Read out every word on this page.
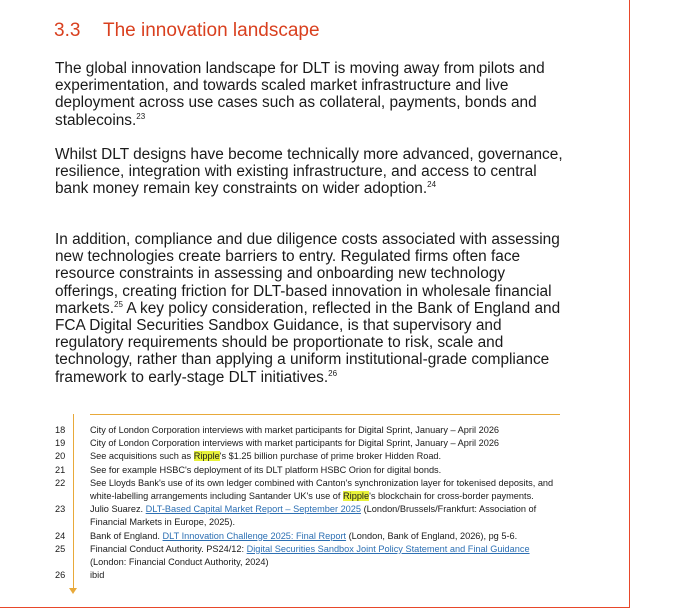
3.3 The innovation landscape
The global innovation landscape for DLT is moving away from pilots and experimentation, and towards scaled market infrastructure and live deployment across use cases such as collateral, payments, bonds and stablecoins.$^{23}$
Whilst DLT designs have become technically more advanced, governance, resilience, integration with existing infrastructure, and access to central bank money remain key constraints on wider adoption.$^{24}$
In addition, compliance and due diligence costs associated with assessing new technologies create barriers to entry. Regulated firms often face resource constraints in assessing and onboarding new technology offerings, creating friction for DLT-based innovation in wholesale financial markets.$^{25}$ A key policy consideration, reflected in the Bank of England and FCA Digital Securities Sandbox Guidance, is that supervisory and regulatory requirements should be proportionate to risk, scale and technology, rather than applying a uniform institutional-grade compliance framework to early-stage DLT initiatives.$^{26}$
18	City of London Corporation interviews with market participants for Digital Sprint, January – April 2026
19	City of London Corporation interviews with market participants for Digital Sprint, January – April 2026
20	See acquisitions such as Ripple's $1.25 billion purchase of prime broker Hidden Road.
21	See for example HSBC's deployment of its DLT platform HSBC Orion for digital bonds.
22	See Lloyds Bank's use of its own ledger combined with Canton's synchronization layer for tokenised deposits, and white-labelling arrangements including Santander UK's use of Ripple's blockchain for cross-border payments.
23	Julio Suarez. DLT-Based Capital Market Report – September 2025 (London/Brussels/Frankfurt: Association of Financial Markets in Europe, 2025).
24	Bank of England. DLT Innovation Challenge 2025: Final Report (London, Bank of England, 2026), pg 5-6.
25	Financial Conduct Authority. PS24/12: Digital Securities Sandbox Joint Policy Statement and Final Guidance (London: Financial Conduct Authority, 2024)
26	ibid
